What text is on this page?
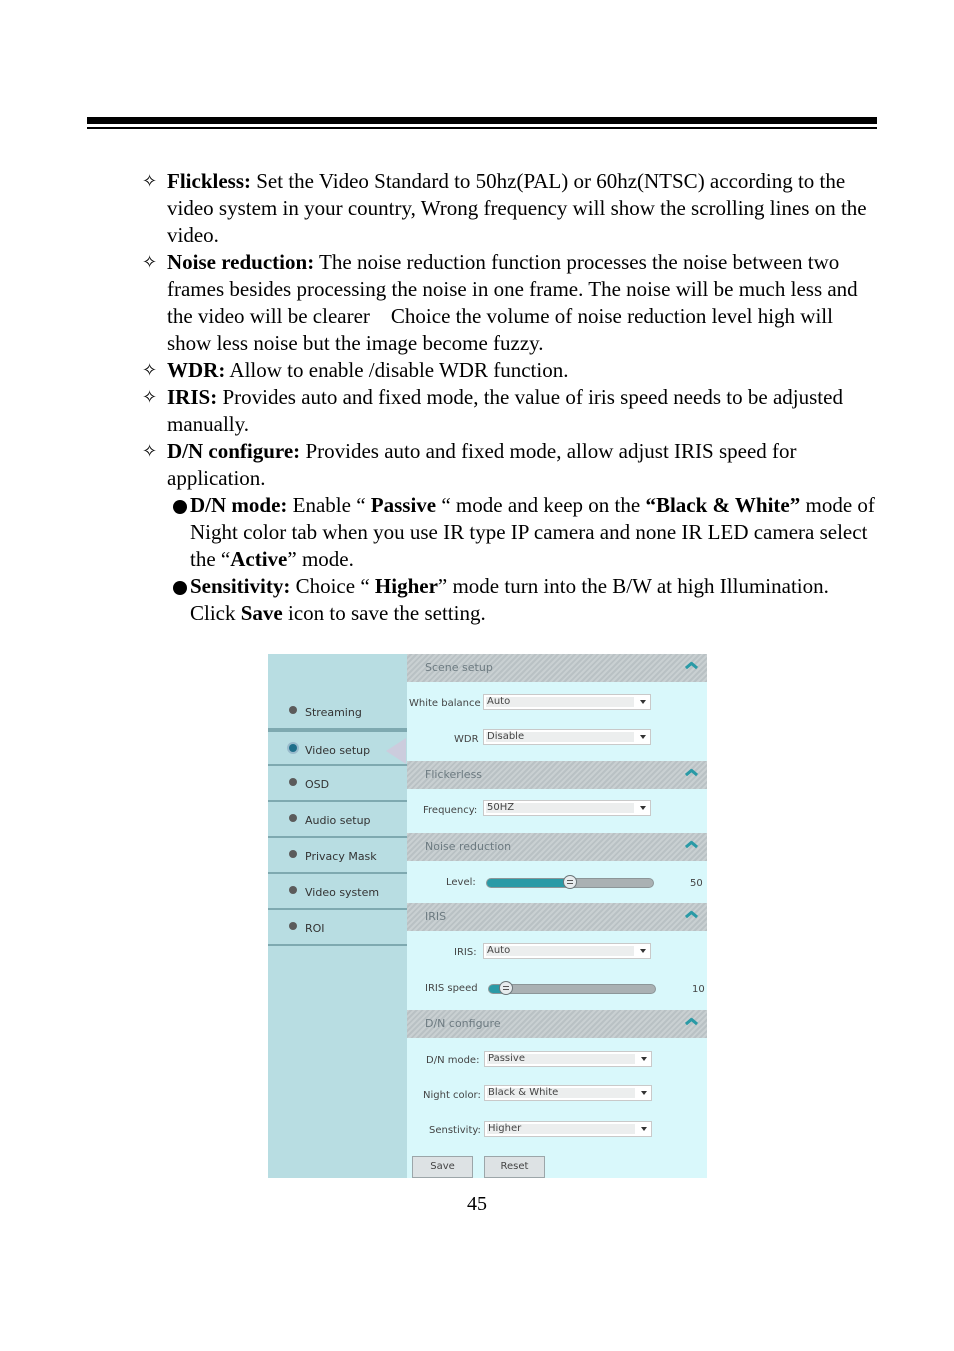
✧ Flickless: Set the Video Standard to 50hz(PAL) or 60hz(NTSC) according to the video system in your country, Wrong frequency will show the scrolling lines on the video.
✧ Noise reduction: The noise reduction function processes the noise between two frames besides processing the noise in one frame. The noise will be much less and the video will be clearer    Choice the volume of noise reduction level high will show less noise but the image become fuzzy.
✧ WDR: Allow to enable /disable WDR function.
✧ IRIS: Provides auto and fixed mode, the value of iris speed needs to be adjusted manually.
✧ D/N configure: Provides auto and fixed mode, allow adjust IRIS speed for application.
D/N mode: Enable “ Passive “ mode and keep on the “Black & White” mode of Night color tab when you use IR type IP camera and none IR LED camera select the “Active” mode.
Sensitivity: Choice “ Higher” mode turn into the B/W at high Illumination.    Click Save icon to save the setting.
Streaming
Video setup
OSD
Audio setup
Privacy Mask
Video system
ROI
Scene setup
White balance Auto
WDR Disable
Flickerless
Frequency: 50HZ
Noise reduction
Level:	50
IRIS
IRIS: Auto
IRIS speed	10
D/N configure
D/N mode: Passive
Night color: Black & White
Senstivity: Higher
Save	Reset
45
